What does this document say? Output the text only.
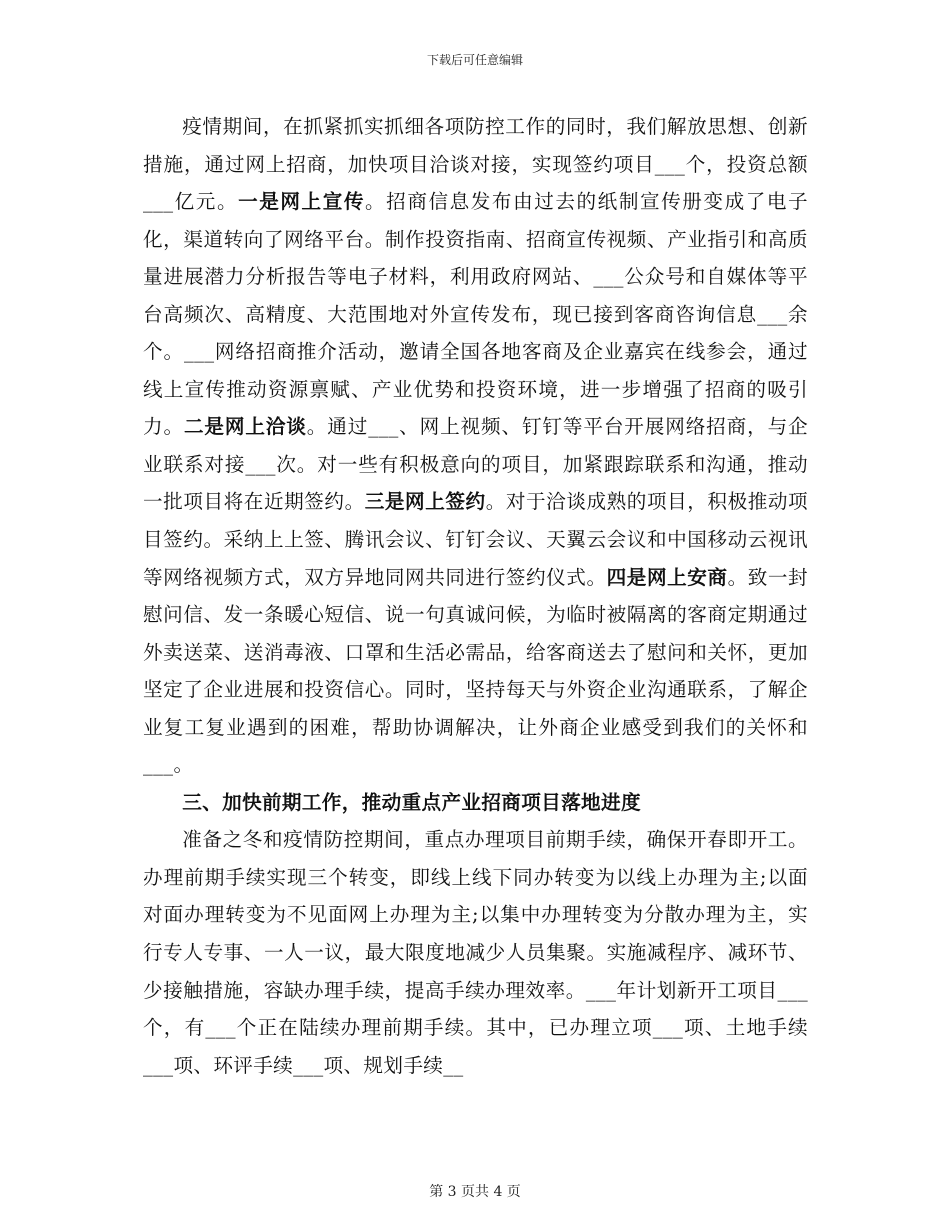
下载后可任意编辑

疫情期间，在抓紧抓实抓细各项防控工作的同时，我们解放思想、创新措施，通过网上招商，加快项目洽谈对接，实现签约项目___个，投资总额___亿元。一是网上宣传。招商信息发布由过去的纸制宣传册变成了电子化，渠道转向了网络平台。制作投资指南、招商宣传视频、产业指引和高质量进展潜力分析报告等电子材料，利用政府网站、___公众号和自媒体等平台高频次、高精度、大范围地对外宣传发布，现已接到客商咨询信息___余个。___网络招商推介活动，邀请全国各地客商及企业嘉宾在线参会，通过线上宣传推动资源禀赋、产业优势和投资环境，进一步增强了招商的吸引力。二是网上洽谈。通过___、网上视频、钉钉等平台开展网络招商，与企业联系对接___次。对一些有积极意向的项目，加紧跟踪联系和沟通，推动一批项目将在近期签约。三是网上签约。对于洽谈成熟的项目，积极推动项目签约。采纳上上签、腾讯会议、钉钉会议、天翼云会议和中国移动云视讯等网络视频方式，双方异地同网共同进行签约仪式。四是网上安商。致一封慰问信、发一条暖心短信、说一句真诚问候，为临时被隔离的客商定期通过外卖送菜、送消毒液、口罩和生活必需品，给客商送去了慰问和关怀，更加坚定了企业进展和投资信心。同时，坚持每天与外资企业沟通联系，了解企业复工复业遇到的困难，帮助协调解决，让外商企业感受到我们的关怀和___。

三、加快前期工作，推动重点产业招商项目落地进度

准备之冬和疫情防控期间，重点办理项目前期手续，确保开春即开工。办理前期手续实现三个转变，即线上线下同办转变为以线上办理为主;以面对面办理转变为不见面网上办理为主;以集中办理转变为分散办理为主，实行专人专事、一人一议，最大限度地减少人员集聚。实施减程序、减环节、少接触措施，容缺办理手续，提高手续办理效率。___年计划新开工项目___个，有___个正在陆续办理前期手续。其中，已办理立项___项、土地手续___项、环评手续___项、规划手续__

第 3 页共 4 页
